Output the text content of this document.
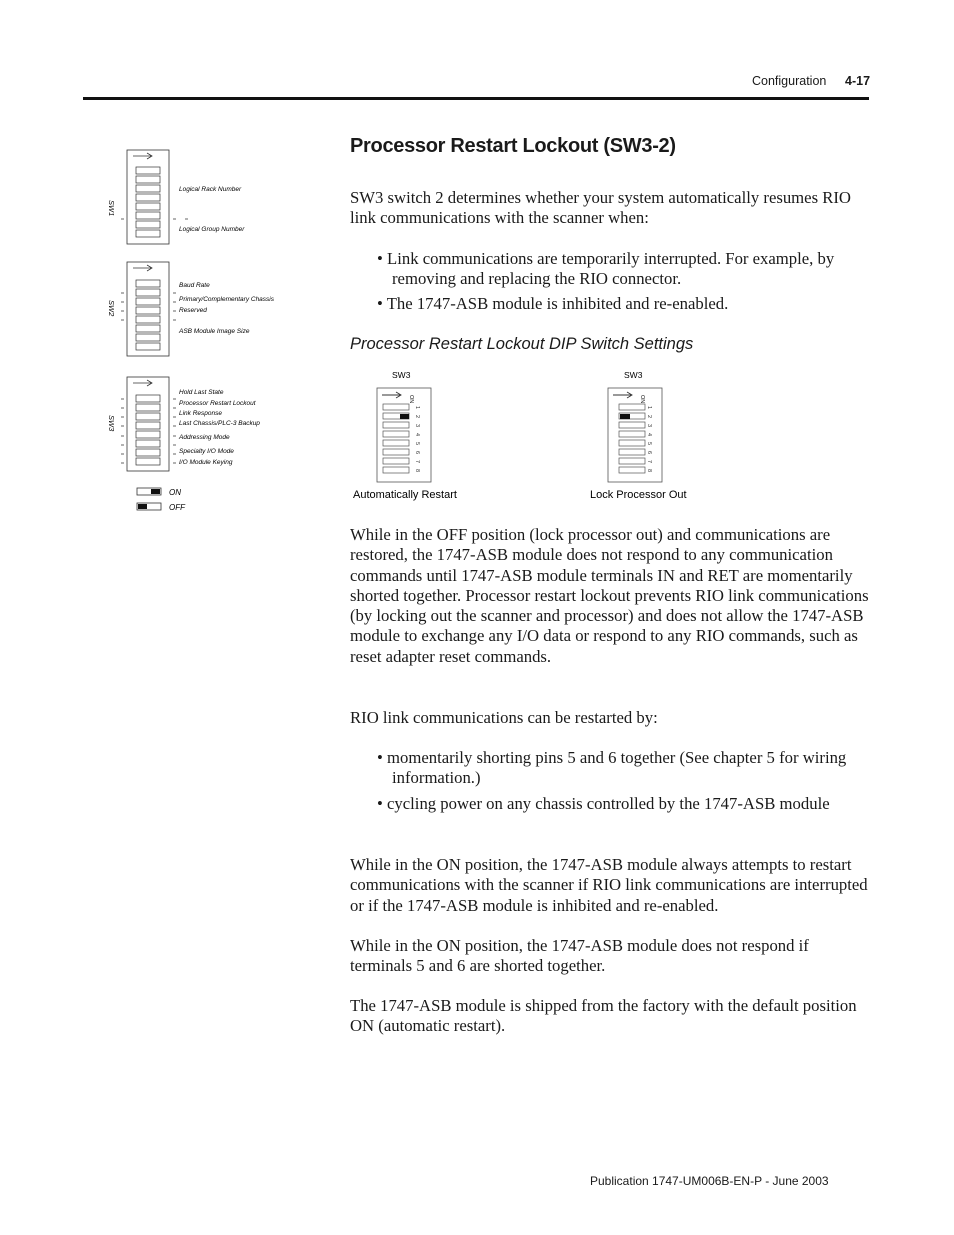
Configuration 4-17
SW1
Logical Rack Number
Logical Group Number
SW2
Baud Rate
Primary/Complementary Chassis
Reserved
ASB Module Image Size
SW3
Hold Last State
Processor Restart Lockout
Link Response
Last Chassis/PLC-3 Backup
Addressing Mode
Specialty I/O Mode
I/O Module Keying
ON
OFF
Processor Restart Lockout (SW3-2)
SW3 switch 2 determines whether your system automatically resumes RIO link communications with the scanner when:
• Link communications are temporarily interrupted. For example, by removing and replacing the RIO connector.
• The 1747-ASB module is inhibited and re-enabled.
Processor Restart Lockout DIP Switch Settings
SW3	SW3
ON
1
2
3
4
5
6
7
8
ON
1
2
3
4
5
6
7
8
Automatically Restart	Lock Processor Out
While in the OFF position (lock processor out) and communications are restored, the 1747-ASB module does not respond to any communication commands until 1747-ASB module terminals IN and RET are momentarily shorted together. Processor restart lockout prevents RIO link communications (by locking out the scanner and processor) and does not allow the 1747-ASB module to exchange any I/O data or respond to any RIO commands, such as reset adapter reset commands.
RIO link communications can be restarted by:
• momentarily shorting pins 5 and 6 together (See chapter 5 for wiring information.)
• cycling power on any chassis controlled by the 1747-ASB module
While in the ON position, the 1747-ASB module always attempts to restart communications with the scanner if RIO link communications are interrupted or if the 1747-ASB module is inhibited and re-enabled.
While in the ON position, the 1747-ASB module does not respond if terminals 5 and 6 are shorted together.
The 1747-ASB module is shipped from the factory with the default position ON (automatic restart).
Publication 1747-UM006B-EN-P - June 2003
